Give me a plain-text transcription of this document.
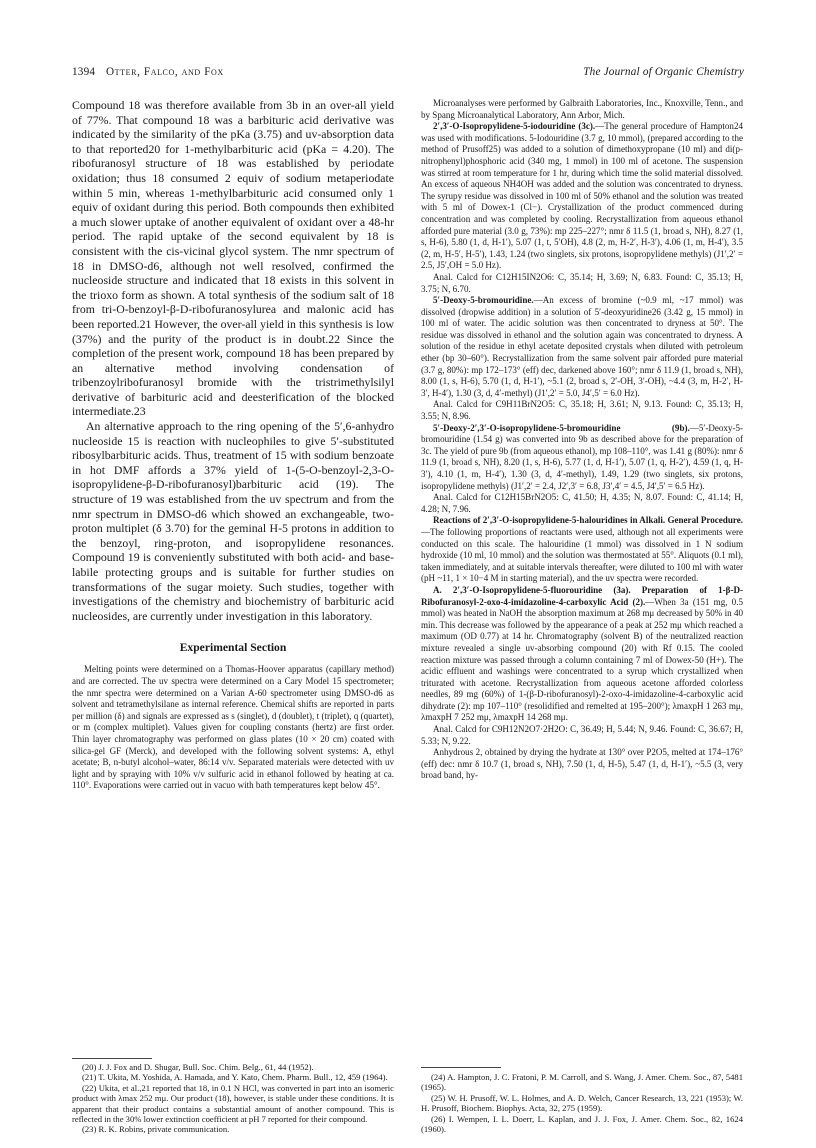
1394 Otter, Falco, and Fox	The Journal of Organic Chemistry

Compound 18 was therefore available from 3b in an over-all yield of 77%. That compound 18 was a barbituric acid derivative was indicated by the similarity of the pKa (3.75) and uv-absorption data to that reported20 for 1-methylbarbituric acid (pKa = 4.20). The ribofuranosyl structure of 18 was established by periodate oxidation; thus 18 consumed 2 equiv of sodium metaperiodate within 5 min, whereas 1-methylbarbituric acid consumed only 1 equiv of oxidant during this period. Both compounds then exhibited a much slower uptake of another equivalent of oxidant over a 48-hr period. The rapid uptake of the second equivalent by 18 is consistent with the cis-vicinal glycol system. The nmr spectrum of 18 in DMSO-d6, although not well resolved, confirmed the nucleoside structure and indicated that 18 exists in this solvent in the trioxo form as shown. A total synthesis of the sodium salt of 18 from tri-O-benzoyl-β-D-ribofuranosylurea and malonic acid has been reported.21 However, the over-all yield in this synthesis is low (37%) and the purity of the product is in doubt.22 Since the completion of the present work, compound 18 has been prepared by an alternative method involving condensation of tribenzoylribofuranosyl bromide with the tristrimethylsilyl derivative of barbituric acid and deesterification of the blocked intermediate.23

An alternative approach to the ring opening of the 5′,6-anhydro nucleoside 15 is reaction with nucleophiles to give 5′-substituted ribosylbarbituric acids. Thus, treatment of 15 with sodium benzoate in hot DMF affords a 37% yield of 1-(5-O-benzoyl-2,3-O-isopropylidene-β-D-ribofuranosyl)barbituric acid (19). The structure of 19 was established from the uv spectrum and from the nmr spectrum in DMSO-d6 which showed an exchangeable, two-proton multiplet (δ 3.70) for the geminal H-5 protons in addition to the benzoyl, ring-proton, and isopropylidene resonances. Compound 19 is conveniently substituted with both acid- and base-labile protecting groups and is suitable for further studies on transformations of the sugar moiety. Such studies, together with investigations of the chemistry and biochemistry of barbituric acid nucleosides, are currently under investigation in this laboratory.

Experimental Section

Melting points were determined on a Thomas-Hoover apparatus (capillary method) and are corrected. The uv spectra were determined on a Cary Model 15 spectrometer; the nmr spectra were determined on a Varian A-60 spectrometer using DMSO-d6 as solvent and tetramethylsilane as internal reference. Chemical shifts are reported in parts per million (δ) and signals are expressed as s (singlet), d (doublet), t (triplet), q (quartet), or m (complex multiplet). Values given for coupling constants (hertz) are first order. Thin layer chromatography was performed on glass plates (10 × 20 cm) coated with silica-gel GF (Merck), and developed with the following solvent systems: A, ethyl acetate; B, n-butyl alcohol–water, 86:14 v/v. Separated materials were detected with uv light and by spraying with 10% v/v sulfuric acid in ethanol followed by heating at ca. 110°. Evaporations were carried out in vacuo with bath temperatures kept below 45°.

Microanalyses were performed by Galbraith Laboratories, Inc., Knoxville, Tenn., and by Spang Microanalytical Laboratory, Ann Arbor, Mich.

2′,3′-O-Isopropylidene-5-iodouridine (3c).—The general procedure of Hampton24 was used with modifications. 5-Iodouridine (3.7 g, 10 mmol), (prepared according to the method of Prusoff25) was added to a solution of dimethoxypropane (10 ml) and di(p-nitrophenyl)phosphoric acid (340 mg, 1 mmol) in 100 ml of acetone. The suspension was stirred at room temperature for 1 hr, during which time the solid material dissolved. An excess of aqueous NH4OH was added and the solution was concentrated to dryness. The syrupy residue was dissolved in 100 ml of 50% ethanol and the solution was treated with 5 ml of Dowex-1 (Cl−). Crystallization of the product commenced during concentration and was completed by cooling. Recrystallization from aqueous ethanol afforded pure material (3.0 g, 73%): mp 225–227°; nmr δ 11.5 (1, broad s, NH), 8.27 (1, s, H-6), 5.80 (1, d, H-1′), 5.07 (1, t, 5′OH), 4.8 (2, m, H-2′, H-3′), 4.06 (1, m, H-4′), 3.5 (2, m, H-5′, H-5′), 1.43, 1.24 (two singlets, six protons, isopropylidene methyls) (J1′,2′ = 2.5, J5′,OH = 5.0 Hz).

Anal. Calcd for C12H15IN2O6: C, 35.14; H, 3.69; N, 6.83. Found: C, 35.13; H, 3.75; N, 6.70.

5′-Deoxy-5-bromouridine.—An excess of bromine (~0.9 ml, ~17 mmol) was dissolved (dropwise addition) in a solution of 5′-deoxyuridine26 (3.42 g, 15 mmol) in 100 ml of water. The acidic solution was then concentrated to dryness at 50°. The residue was dissolved in ethanol and the solution again was concentrated to dryness. A solution of the residue in ethyl acetate deposited crystals when diluted with petroleum ether (bp 30–60°). Recrystallization from the same solvent pair afforded pure material (3.7 g, 80%): mp 172–173° (eff) dec, darkened above 160°; nmr δ 11.9 (1, broad s, NH), 8.00 (1, s, H-6), 5.70 (1, d, H-1′), ~5.1 (2, broad s, 2′-OH, 3′-OH), ~4.4 (3, m, H-2′, H-3′, H-4′), 1.30 (3, d, 4′-methyl) (J1′,2′ = 5.0, J4′,5′ = 6.0 Hz).

Anal. Calcd for C9H11BrN2O5: C, 35.18; H, 3.61; N, 9.13. Found: C, 35.13; H, 3.55; N, 8.96.

5′-Deoxy-2′,3′-O-isopropylidene-5-bromouridine (9b).—5′-Deoxy-5-bromouridine (1.54 g) was converted into 9b as described above for the preparation of 3c. The yield of pure 9b (from aqueous ethanol), mp 108–110°, was 1.41 g (80%): nmr δ 11.9 (1, broad s, NH), 8.20 (1, s, H-6), 5.77 (1, d, H-1′), 5.07 (1, q, H-2′), 4.59 (1, q, H-3′), 4.10 (1, m, H-4′), 1.30 (3, d, 4′-methyl), 1.49, 1.29 (two singlets, six protons, isopropylidene methyls) (J1′,2′ = 2.4, J2′,3′ = 6.8, J3′,4′ = 4.5, J4′,5′ = 6.5 Hz).

Anal. Calcd for C12H15BrN2O5: C, 41.50; H, 4.35; N, 8.07. Found: C, 41.14; H, 4.28; N, 7.96.

Reactions of 2′,3′-O-isopropylidene-5-halouridines in Alkali. General Procedure.—The following proportions of reactants were used, although not all experiments were conducted on this scale. The halouridine (1 mmol) was dissolved in 1 N sodium hydroxide (10 ml, 10 mmol) and the solution was thermostated at 55°. Aliquots (0.1 ml), taken immediately, and at suitable intervals thereafter, were diluted to 100 ml with water (pH ~11, 1 × 10−4 M in starting material), and the uv spectra were recorded.

A. 2′,3′-O-Isopropylidene-5-fluorouridine (3a). Preparation of 1-β-D-Ribofuranosyl-2-oxo-4-imidazoline-4-carboxylic Acid (2).—When 3a (151 mg, 0.5 mmol) was heated in NaOH the absorption maximum at 268 mμ decreased by 50% in 40 min. This decrease was followed by the appearance of a peak at 252 mμ which reached a maximum (OD 0.77) at 14 hr. Chromatography (solvent B) of the neutralized reaction mixture revealed a single uv-absorbing compound (20) with Rf 0.15. The cooled reaction mixture was passed through a column containing 7 ml of Dowex-50 (H+). The acidic effluent and washings were concentrated to a syrup which crystallized when triturated with acetone. Recrystallization from aqueous acetone afforded colorless needles, 89 mg (60%) of 1-(β-D-ribofuranosyl)-2-oxo-4-imidazoline-4-carboxylic acid dihydrate (2): mp 107–110° (resolidified and remelted at 195–200°); λmaxpH 1 263 mμ, λmaxpH 7 252 mμ, λmaxpH 14 268 mμ.

Anal. Calcd for C9H12N2O7·2H2O: C, 36.49; H, 5.44; N, 9.46. Found: C, 36.67; H, 5.33; N, 9.22.

Anhydrous 2, obtained by drying the hydrate at 130° over P2O5, melted at 174–176° (eff) dec: nmr δ 10.7 (1, broad s, NH), 7.50 (1, d, H-5), 5.47 (1, d, H-1′), ~5.5 (3, very broad band, hy-

(20) J. J. Fox and D. Shugar, Bull. Soc. Chim. Belg., 61, 44 (1952).

(21) T. Ukita, M. Yoshida, A. Hamada, and Y. Kato, Chem. Pharm. Bull., 12, 459 (1964).

(22) Ukita, et al.,21 reported that 18, in 0.1 N HCl, was converted in part into an isomeric product with λmax 252 mμ. Our product (18), however, is stable under these conditions. It is apparent that their product contains a substantial amount of another compound. This is reflected in the 30% lower extinction coefficient at pH 7 reported for their compound.

(23) R. K. Robins, private communication.

(24) A. Hampton, J. C. Fratoni, P. M. Carroll, and S. Wang, J. Amer. Chem. Soc., 87, 5481 (1965).

(25) W. H. Prusoff, W. L. Holmes, and A. D. Welch, Cancer Research, 13, 221 (1953); W. H. Prusoff, Biochem. Biophys. Acta, 32, 275 (1959).

(26) I. Wempen, I. L. Doerr, L. Kaplan, and J. J. Fox, J. Amer. Chem. Soc., 82, 1624 (1960).
